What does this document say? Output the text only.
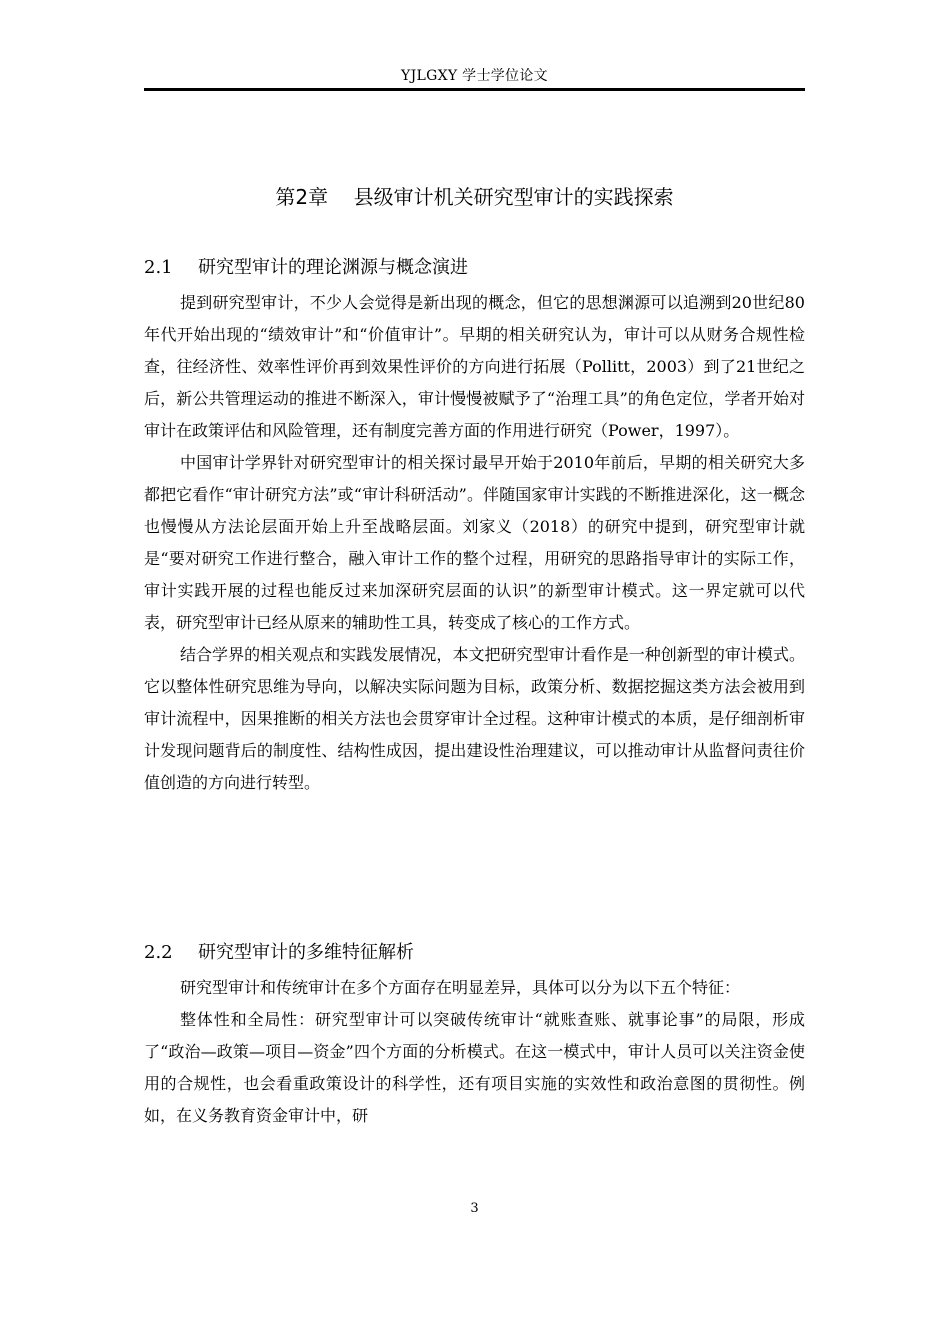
YJLGXY 学士学位论文
第2章    县级审计机关研究型审计的实践探索
2.1 研究型审计的理论渊源与概念演进

提到研究型审计，不少人会觉得是新出现的概念，但它的思想渊源可以追溯到20世纪80年代开始出现的“绩效审计”和“价值审计”。早期的相关研究认为，审计可以从财务合规性检查，往经济性、效率性评价再到效果性评价的方向进行拓展（Pollitt，2003）到了21世纪之后，新公共管理运动的推进不断深入，审计慢慢被赋予了“治理工具”的角色定位，学者开始对审计在政策评估和风险管理，还有制度完善方面的作用进行研究（Power，1997）。

中国审计学界针对研究型审计的相关探讨最早开始于2010年前后，早期的相关研究大多都把它看作“审计研究方法”或“审计科研活动”。伴随国家审计实践的不断推进深化，这一概念也慢慢从方法论层面开始上升至战略层面。刘家义（2018）的研究中提到，研究型审计就是“要对研究工作进行整合，融入审计工作的整个过程，用研究的思路指导审计的实际工作，审计实践开展的过程也能反过来加深研究层面的认识”的新型审计模式。这一界定就可以代表，研究型审计已经从原来的辅助性工具，转变成了核心的工作方式。

结合学界的相关观点和实践发展情况，本文把研究型审计看作是一种创新型的审计模式。它以整体性研究思维为导向，以解决实际问题为目标，政策分析、数据挖掘这类方法会被用到审计流程中，因果推断的相关方法也会贯穿审计全过程。这种审计模式的本质，是仔细剖析审计发现问题背后的制度性、结构性成因，提出建设性治理建议，可以推动审计从监督问责往价值创造的方向进行转型。

2.2 研究型审计的多维特征解析

研究型审计和传统审计在多个方面存在明显差异，具体可以分为以下五个特征：

整体性和全局性：研究型审计可以突破传统审计“就账查账、就事论事”的局限，形成了“政治—政策—项目—资金”四个方面的分析模式。在这一模式中，审计人员可以关注资金使用的合规性，也会看重政策设计的科学性，还有项目实施的实效性和政治意图的贯彻性。例如，在义务教育资金审计中，研

3
